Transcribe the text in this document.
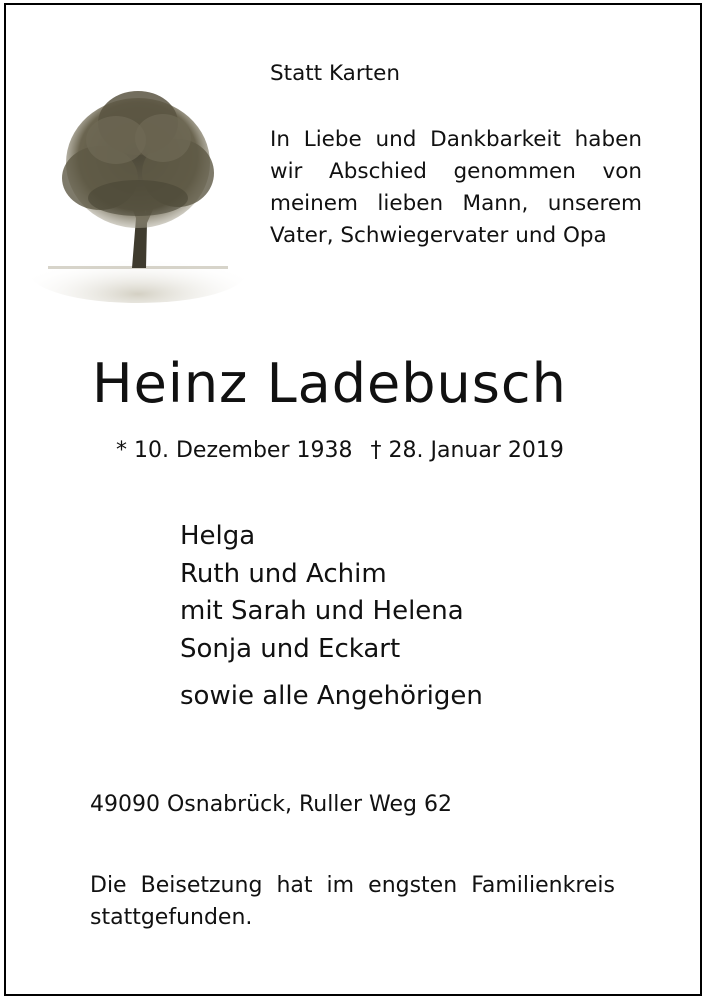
Statt Karten

In Liebe und Dankbarkeit haben

wir Abschied genommen von

meinem lieben Mann, unserem

Vater, Schwiegervater und Opa

Heinz Ladebusch
* 10. Dezember 1938 † 28. Januar 2019
Helga
Ruth und Achim
mit Sarah und Helena
Sonja und Eckart
sowie alle Angehörigen
49090 Osnabrück, Ruller Weg 62
Die Beisetzung hat im engsten Familienkreis
stattgefunden.
